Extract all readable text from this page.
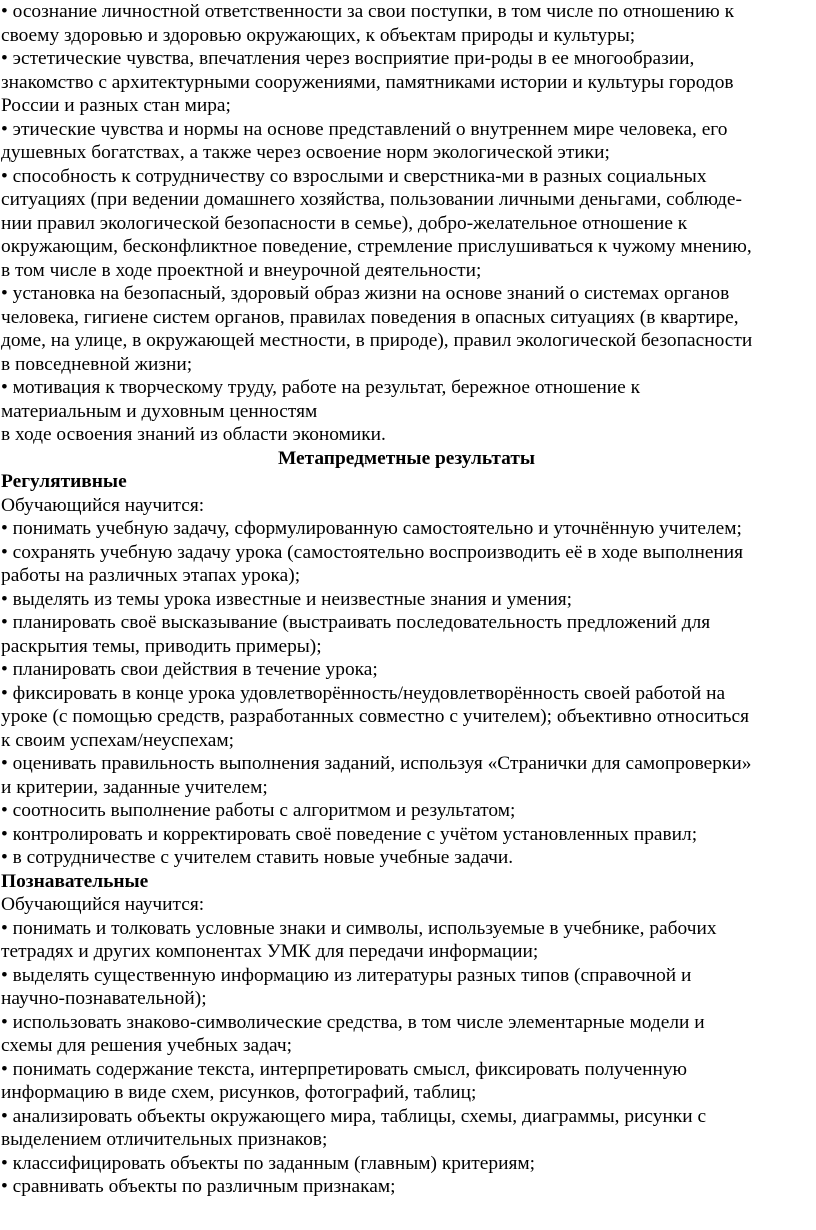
• осознание личностной ответственности за свои поступки, в том числе по отношению к
своему здоровью и здоровью окружающих, к объектам природы и культуры;
• эстетические чувства, впечатления через восприятие при-роды в ее многообразии,
знакомство с архитектурными сооружениями, памятниками истории и культуры городов
России и разных стан мира;
• этические чувства и нормы на основе представлений о внутреннем мире человека, его
душевных богатствах, а также через освоение норм экологической этики;
• способность к сотрудничеству со взрослыми и сверстника-ми в разных социальных
ситуациях (при ведении домашнего хозяйства, пользовании личными деньгами, соблюде-
нии правил экологической безопасности в семье), добро-желательное отношение к
окружающим, бесконфликтное поведение, стремление прислушиваться к чужому мнению,
в том числе в ходе проектной и внеурочной деятельности;
• установка на безопасный, здоровый образ жизни на основе знаний о системах органов
человека, гигиене систем органов, правилах поведения в опасных ситуациях (в квартире,
доме, на улице, в окружающей местности, в природе), правил экологической безопасности
в повседневной жизни;
• мотивация к творческому труду, работе на результат, бережное отношение к
материальным и духовным ценностям
в ходе освоения знаний из области экономики.
Метапредметные результаты
Регулятивные
Обучающийся научится:
• понимать учебную задачу, сформулированную самостоятельно и уточнённую учителем;
• сохранять учебную задачу урока (самостоятельно воспроизводить её в ходе выполнения
работы на различных этапах урока);
• выделять из темы урока известные и неизвестные знания и умения;
• планировать своё высказывание (выстраивать последовательность предложений для
раскрытия темы, приводить примеры);
• планировать свои действия в течение урока;
• фиксировать в конце урока удовлетворённость/неудовлетворённость своей работой на
уроке (с помощью средств, разработанных совместно с учителем); объективно относиться
к своим успехам/неуспехам;
• оценивать правильность выполнения заданий, используя «Странички для самопроверки»
и критерии, заданные учителем;
• соотносить выполнение работы с алгоритмом и результатом;
• контролировать и корректировать своё поведение с учётом установленных правил;
• в сотрудничестве с учителем ставить новые учебные задачи.
Познавательные
Обучающийся научится:
• понимать и толковать условные знаки и символы, используемые в учебнике, рабочих
тетрадях и других компонентах УМК для передачи информации;
• выделять существенную информацию из литературы разных типов (справочной и
научно-познавательной);
• использовать знаково-символические средства, в том числе элементарные модели и
схемы для решения учебных задач;
• понимать содержание текста, интерпретировать смысл, фиксировать полученную
информацию в виде схем, рисунков, фотографий, таблиц;
• анализировать объекты окружающего мира, таблицы, схемы, диаграммы, рисунки с
выделением отличительных признаков;
• классифицировать объекты по заданным (главным) критериям;
• сравнивать объекты по различным признакам;
